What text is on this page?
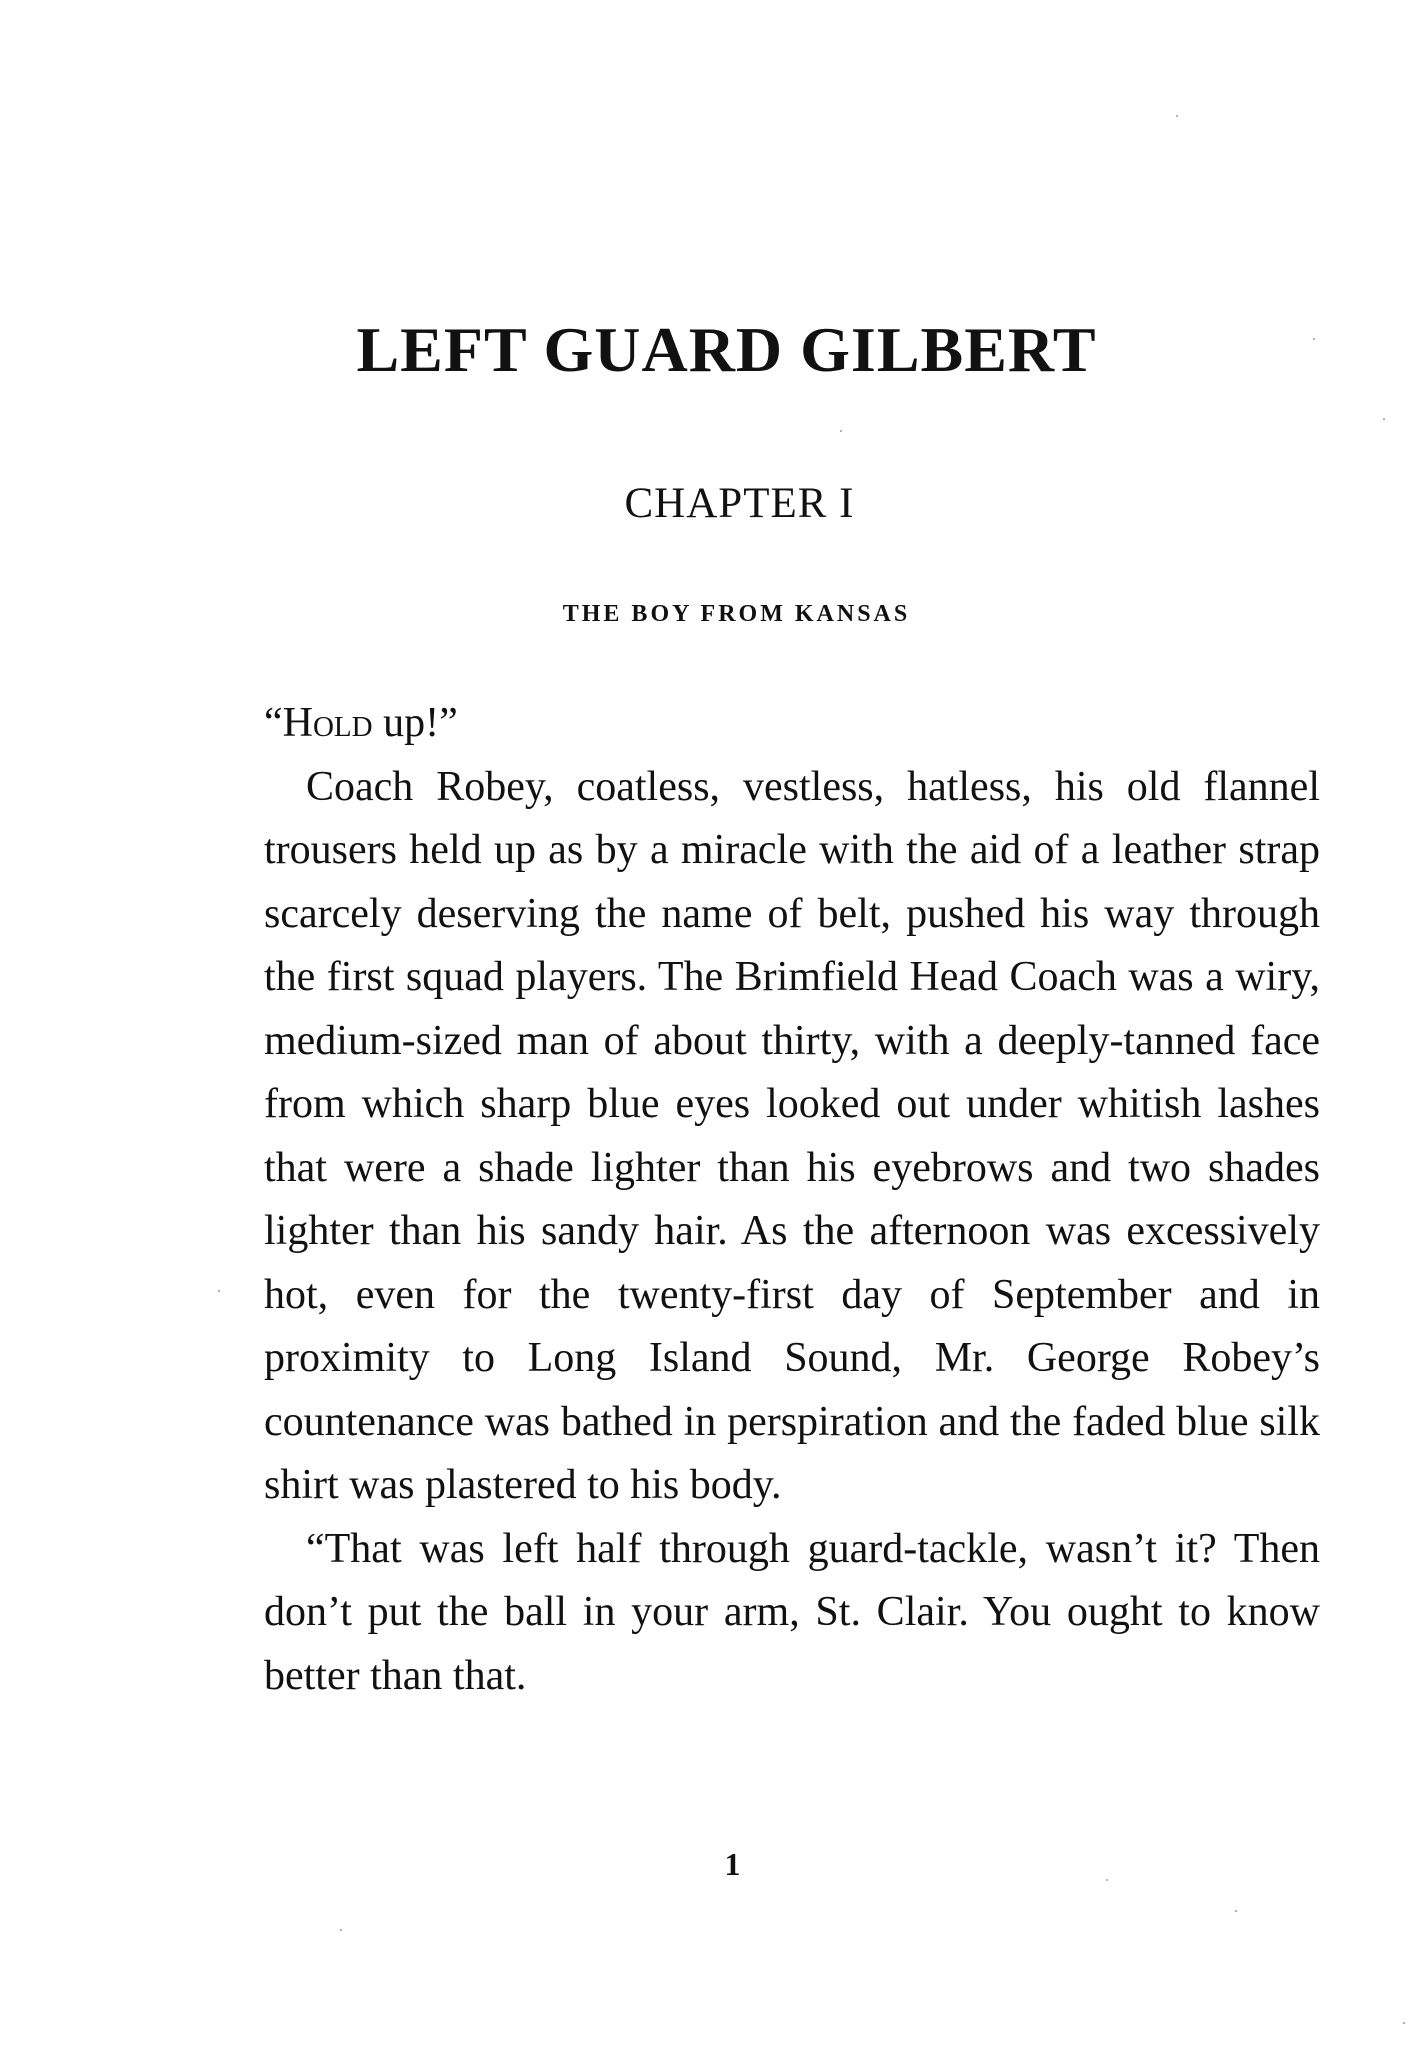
LEFT GUARD GILBERT
CHAPTER I
THE BOY FROM KANSAS

“Hold up!”

Coach Robey, coatless, vestless, hatless, his old flannel trousers held up as by a miracle with the aid of a leather strap scarcely deserving the name of belt, pushed his way through the first squad players. The Brimfield Head Coach was a wiry, medium-sized man of about thirty, with a deeply-tanned face from which sharp blue eyes looked out under whitish lashes that were a shade lighter than his eyebrows and two shades lighter than his sandy hair. As the afternoon was excessively hot, even for the twenty-first day of September and in proximity to Long Island Sound, Mr. George Robey’s countenance was bathed in perspiration and the faded blue silk shirt was plastered to his body.

“That was left half through guard-tackle, wasn’t it? Then don’t put the ball in your arm, St. Clair. You ought to know better than that.

1
